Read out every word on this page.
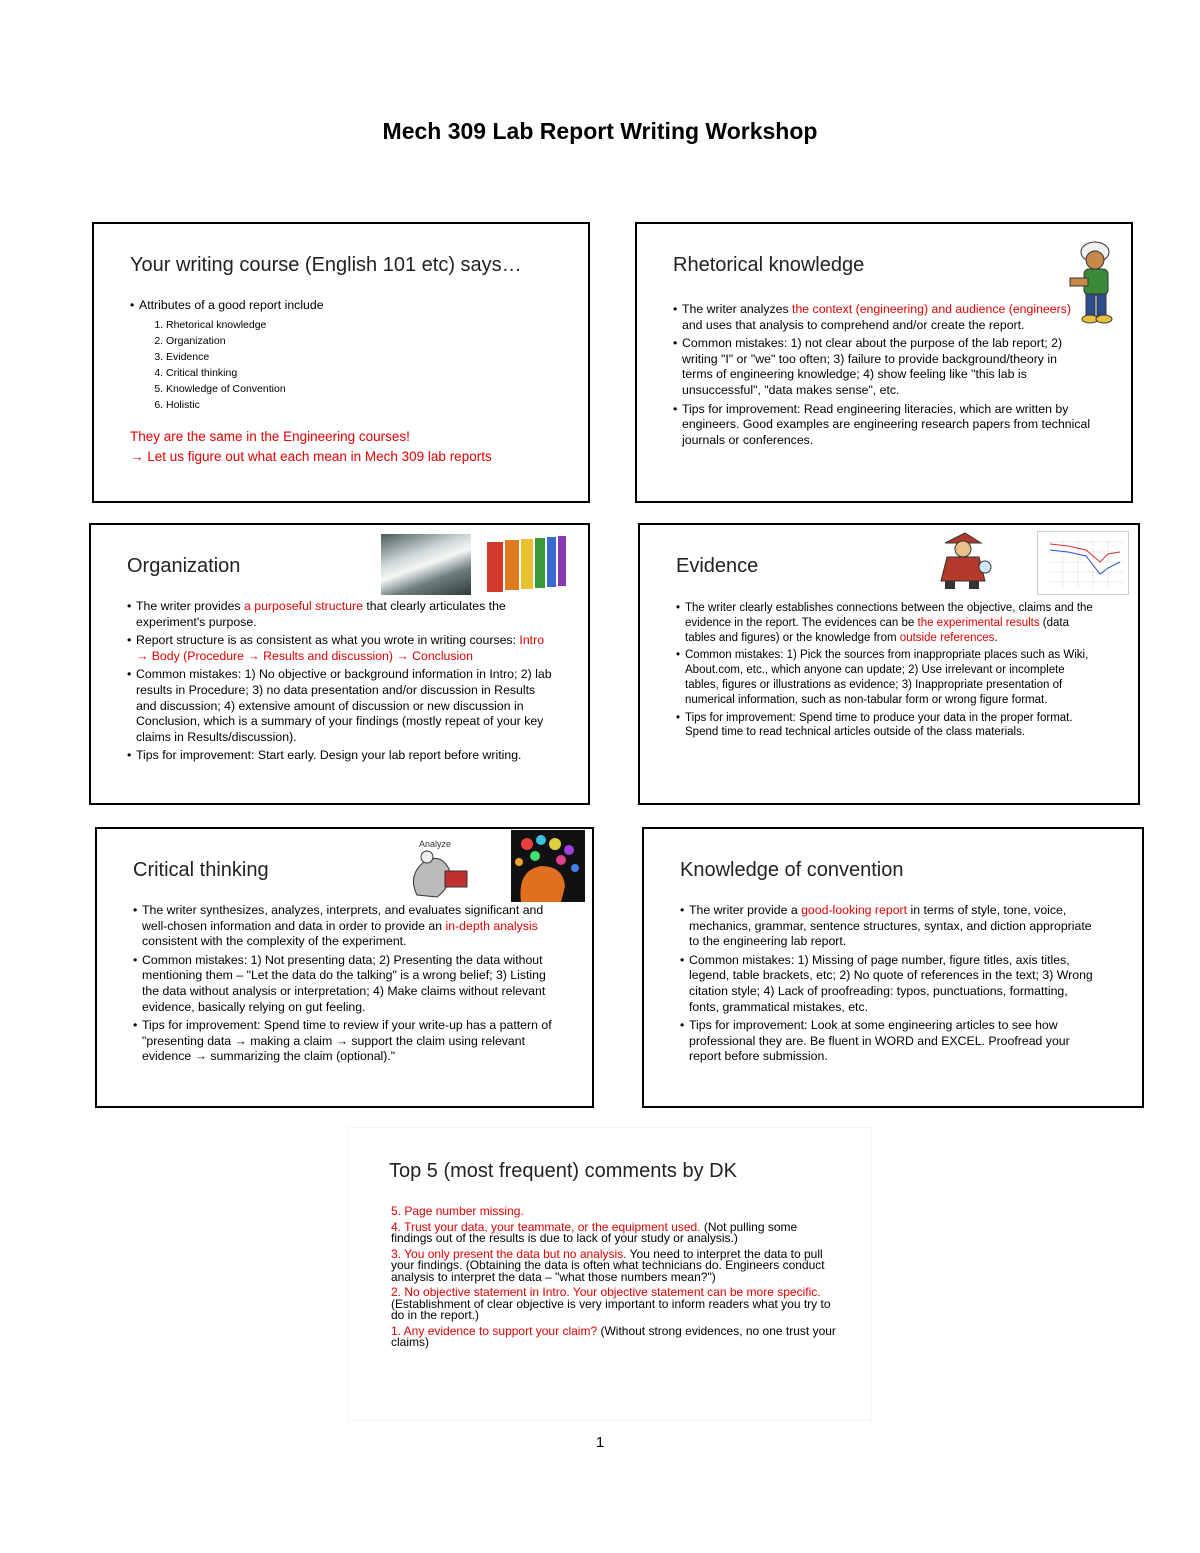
Mech 309 Lab Report Writing Workshop
Your writing course (English 101 etc) says…
• Attributes of a good report include
1. Rhetorical knowledge
2. Organization
3. Evidence
4. Critical thinking
5. Knowledge of Convention
6. Holistic
They are the same in the Engineering courses!
→ Let us figure out what each mean in Mech 309 lab reports
Rhetorical knowledge
• The writer analyzes the context (engineering) and audience (engineers) and uses that analysis to comprehend and/or create the report.
• Common mistakes: 1) not clear about the purpose of the lab report; 2) writing "I" or "we" too often; 3) failure to provide background/theory in terms of engineering knowledge; 4) show feeling like "this lab is unsuccessful", "data makes sense", etc.
• Tips for improvement: Read engineering literacies, which are written by engineers. Good examples are engineering research papers from technical journals or conferences.
Organization
• The writer provides a purposeful structure that clearly articulates the experiment's purpose.
• Report structure is as consistent as what you wrote in writing courses: Intro → Body (Procedure → Results and discussion) → Conclusion
• Common mistakes: 1) No objective or background information in Intro; 2) lab results in Procedure; 3) no data presentation and/or discussion in Results and discussion; 4) extensive amount of discussion or new discussion in Conclusion, which is a summary of your findings (mostly repeat of your key claims in Results/discussion).
• Tips for improvement: Start early. Design your lab report before writing.
Evidence
• The writer clearly establishes connections between the objective, claims and the evidence in the report. The evidences can be the experimental results (data tables and figures) or the knowledge from outside references.
• Common mistakes: 1) Pick the sources from inappropriate places such as Wiki, About.com, etc., which anyone can update; 2) Use irrelevant or incomplete tables, figures or illustrations as evidence; 3) Inappropriate presentation of numerical information, such as non-tabular form or wrong figure format.
• Tips for improvement: Spend time to produce your data in the proper format. Spend time to read technical articles outside of the class materials.
Critical thinking
Analyze
• The writer synthesizes, analyzes, interprets, and evaluates significant and well-chosen information and data in order to provide an in-depth analysis consistent with the complexity of the experiment.
• Common mistakes: 1) Not presenting data; 2) Presenting the data without mentioning them – "Let the data do the talking" is a wrong belief; 3) Listing the data without analysis or interpretation; 4) Make claims without relevant evidence, basically relying on gut feeling.
• Tips for improvement: Spend time to review if your write-up has a pattern of "presenting data → making a claim → support the claim using relevant evidence → summarizing the claim (optional)."
Knowledge of convention
• The writer provide a good-looking report in terms of style, tone, voice, mechanics, grammar, sentence structures, syntax, and diction appropriate to the engineering lab report.
• Common mistakes: 1) Missing of page number, figure titles, axis titles, legend, table brackets, etc; 2) No quote of references in the text; 3) Wrong citation style; 4) Lack of proofreading: typos, punctuations, formatting, fonts, grammatical mistakes, etc.
• Tips for improvement: Look at some engineering articles to see how professional they are. Be fluent in WORD and EXCEL. Proofread your report before submission.
Top 5 (most frequent) comments by DK

5. Page number missing.

4. Trust your data, your teammate, or the equipment used. (Not pulling some findings out of the results is due to lack of your study or analysis.)

3. You only present the data but no analysis. You need to interpret the data to pull your findings. (Obtaining the data is often what technicians do. Engineers conduct analysis to interpret the data – "what those numbers mean?")

2. No objective statement in Intro. Your objective statement can be more specific. (Establishment of clear objective is very important to inform readers what you try to do in the report.)

1. Any evidence to support your claim? (Without strong evidences, no one trust your claims)

1
